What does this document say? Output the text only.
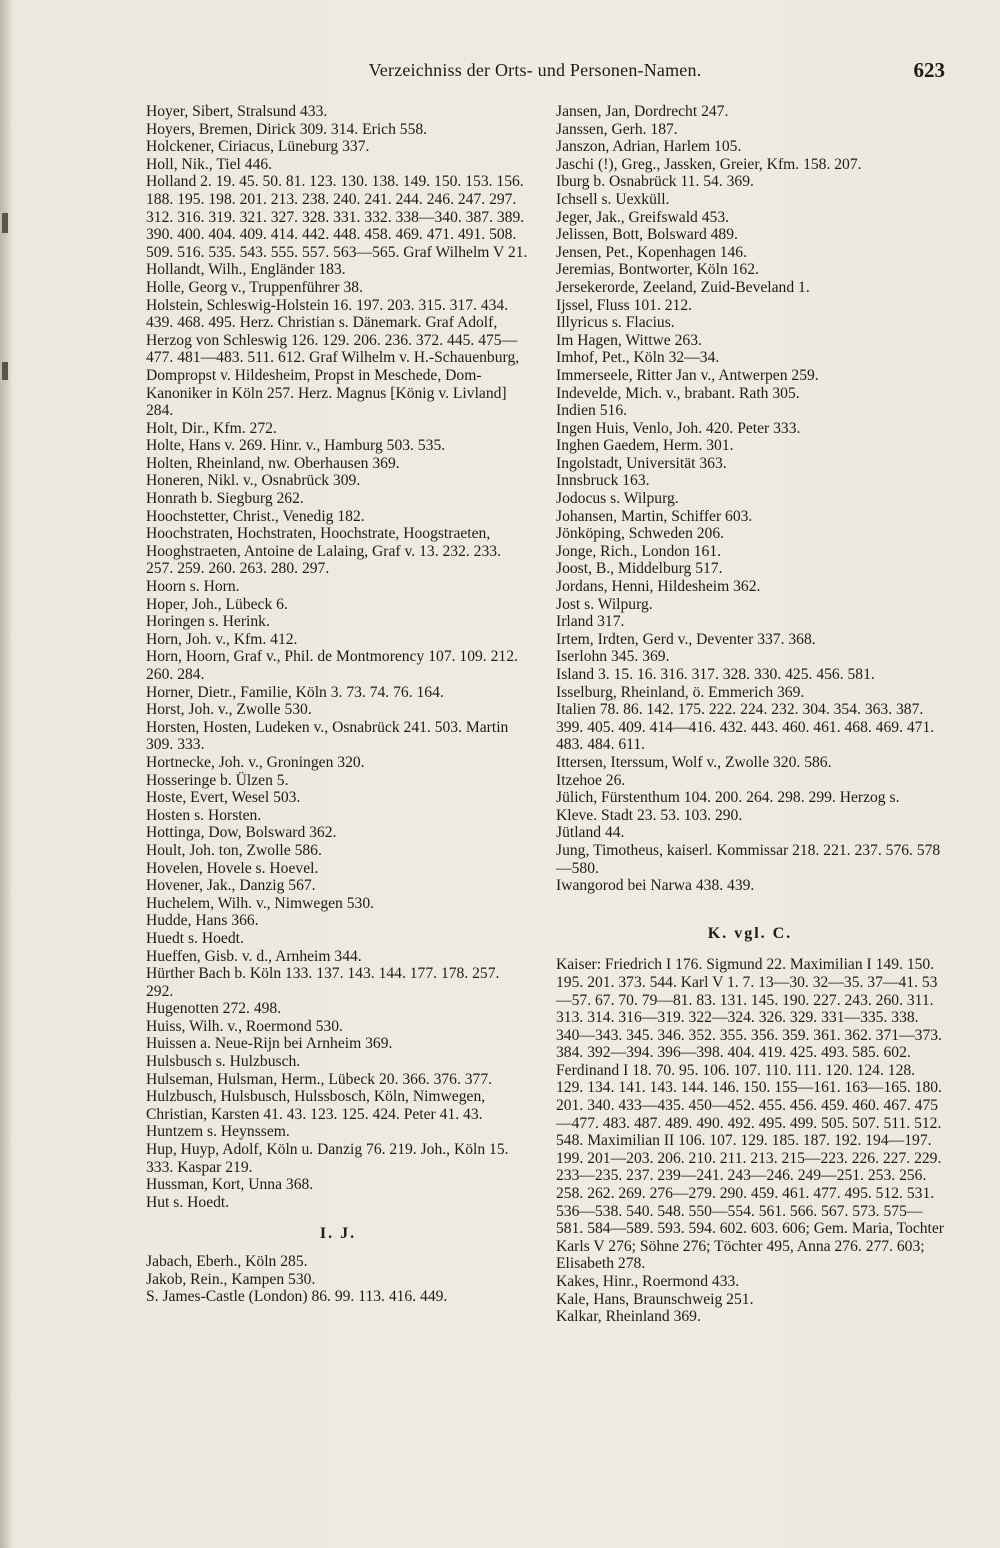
Verzeichniss der Orts- und Personen-Namen.	623
Hoyer, Sibert, Stralsund 433.
Hoyers, Bremen, Dirick 309. 314. Erich 558.
Holckener, Ciriacus, Lüneburg 337.
Holl, Nik., Tiel 446.
Holland 2. 19. 45. 50. 81. 123. 130. 138. 149. 150. 153. 156. 188. 195. 198. 201. 213. 238. 240. 241. 244. 246. 247. 297. 312. 316. 319. 321. 327. 328. 331. 332. 338—340. 387. 389. 390. 400. 404. 409. 414. 442. 448. 458. 469. 471. 491. 508. 509. 516. 535. 543. 555. 557. 563—565. Graf Wilhelm V 21.
Hollandt, Wilh., Engländer 183.
Holle, Georg v., Truppenführer 38.
Holstein, Schleswig-Holstein 16. 197. 203. 315. 317. 434. 439. 468. 495. Herz. Christian s. Dänemark. Graf Adolf, Herzog von Schleswig 126. 129. 206. 236. 372. 445. 475—477. 481—483. 511. 612. Graf Wilhelm v. H.-Schauenburg, Dompropst v. Hildesheim, Propst in Meschede, Dom-Kanoniker in Köln 257. Herz. Magnus [König v. Livland] 284.
Holt, Dir., Kfm. 272.
Holte, Hans v. 269. Hinr. v., Hamburg 503. 535.
Holten, Rheinland, nw. Oberhausen 369.
Honeren, Nikl. v., Osnabrück 309.
Honrath b. Siegburg 262.
Hoochstetter, Christ., Venedig 182.
Hoochstraten, Hochstraten, Hoochstrate, Hoogstraeten, Hooghstraeten, Antoine de Lalaing, Graf v. 13. 232. 233. 257. 259. 260. 263. 280. 297.
Hoorn s. Horn.
Hoper, Joh., Lübeck 6.
Horingen s. Herink.
Horn, Joh. v., Kfm. 412.
Horn, Hoorn, Graf v., Phil. de Montmorency 107. 109. 212. 260. 284.
Horner, Dietr., Familie, Köln 3. 73. 74. 76. 164.
Horst, Joh. v., Zwolle 530.
Horsten, Hosten, Ludeken v., Osnabrück 241. 503. Martin 309. 333.
Hortnecke, Joh. v., Groningen 320.
Hosseringe b. Ülzen 5.
Hoste, Evert, Wesel 503.
Hosten s. Horsten.
Hottinga, Dow, Bolsward 362.
Hoult, Joh. ton, Zwolle 586.
Hovelen, Hovele s. Hoevel.
Hovener, Jak., Danzig 567.
Huchelem, Wilh. v., Nimwegen 530.
Hudde, Hans 366.
Huedt s. Hoedt.
Hueffen, Gisb. v. d., Arnheim 344.
Hürther Bach b. Köln 133. 137. 143. 144. 177. 178. 257. 292.
Hugenotten 272. 498.
Huiss, Wilh. v., Roermond 530.
Huissen a. Neue-Rijn bei Arnheim 369.
Hulsbusch s. Hulzbusch.
Hulseman, Hulsman, Herm., Lübeck 20. 366. 376. 377.
Hulzbusch, Hulsbusch, Hulssbosch, Köln, Nimwegen, Christian, Karsten 41. 43. 123. 125. 424. Peter 41. 43.
Huntzem s. Heynssem.
Hup, Huyp, Adolf, Köln u. Danzig 76. 219. Joh., Köln 15. 333. Kaspar 219.
Hussman, Kort, Unna 368.
Hut s. Hoedt.
I. J.
Jabach, Eberh., Köln 285.
Jakob, Rein., Kampen 530.
S. James-Castle (London) 86. 99. 113. 416. 449.
Jansen, Jan, Dordrecht 247.
Janssen, Gerh. 187.
Janszon, Adrian, Harlem 105.
Jaschi (!), Greg., Jassken, Greier, Kfm. 158. 207.
Iburg b. Osnabrück 11. 54. 369.
Ichsell s. Uexküll.
Jeger, Jak., Greifswald 453.
Jelissen, Bott, Bolsward 489.
Jensen, Pet., Kopenhagen 146.
Jeremias, Bontworter, Köln 162.
Jersekerorde, Zeeland, Zuid-Beveland 1.
Ijssel, Fluss 101. 212.
Illyricus s. Flacius.
Im Hagen, Wittwe 263.
Imhof, Pet., Köln 32—34.
Immerseele, Ritter Jan v., Antwerpen 259.
Indevelde, Mich. v., brabant. Rath 305.
Indien 516.
Ingen Huis, Venlo, Joh. 420. Peter 333.
Inghen Gaedem, Herm. 301.
Ingolstadt, Universität 363.
Innsbruck 163.
Jodocus s. Wilpurg.
Johansen, Martin, Schiffer 603.
Jönköping, Schweden 206.
Jonge, Rich., London 161.
Joost, B., Middelburg 517.
Jordans, Henni, Hildesheim 362.
Jost s. Wilpurg.
Irland 317.
Irtem, Irdten, Gerd v., Deventer 337. 368.
Iserlohn 345. 369.
Island 3. 15. 16. 316. 317. 328. 330. 425. 456. 581.
Isselburg, Rheinland, ö. Emmerich 369.
Italien 78. 86. 142. 175. 222. 224. 232. 304. 354. 363. 387. 399. 405. 409. 414—416. 432. 443. 460. 461. 468. 469. 471. 483. 484. 611.
Ittersen, Iterssum, Wolf v., Zwolle 320. 586.
Itzehoe 26.
Jülich, Fürstenthum 104. 200. 264. 298. 299. Herzog s. Kleve. Stadt 23. 53. 103. 290.
Jütland 44.
Jung, Timotheus, kaiserl. Kommissar 218. 221. 237. 576. 578—580.
Iwangorod bei Narwa 438. 439.
K. vgl. C.
Kaiser: Friedrich I 176. Sigmund 22. Maximilian I 149. 150. 195. 201. 373. 544. Karl V 1. 7. 13—30. 32—35. 37—41. 53—57. 67. 70. 79—81. 83. 131. 145. 190. 227. 243. 260. 311. 313. 314. 316—319. 322—324. 326. 329. 331—335. 338. 340—343. 345. 346. 352. 355. 356. 359. 361. 362. 371—373. 384. 392—394. 396—398. 404. 419. 425. 493. 585. 602. Ferdinand I 18. 70. 95. 106. 107. 110. 111. 120. 124. 128. 129. 134. 141. 143. 144. 146. 150. 155—161. 163—165. 180. 201. 340. 433—435. 450—452. 455. 456. 459. 460. 467. 475—477. 483. 487. 489. 490. 492. 495. 499. 505. 507. 511. 512. 548. Maximilian II 106. 107. 129. 185. 187. 192. 194—197. 199. 201—203. 206. 210. 211. 213. 215—223. 226. 227. 229. 233—235. 237. 239—241. 243—246. 249—251. 253. 256. 258. 262. 269. 276—279. 290. 459. 461. 477. 495. 512. 531. 536—538. 540. 548. 550—554. 561. 566. 567. 573. 575—581. 584—589. 593. 594. 602. 603. 606; Gem. Maria, Tochter Karls V 276; Söhne 276; Töchter 495, Anna 276. 277. 603; Elisabeth 278.
Kakes, Hinr., Roermond 433.
Kale, Hans, Braunschweig 251.
Kalkar, Rheinland 369.
